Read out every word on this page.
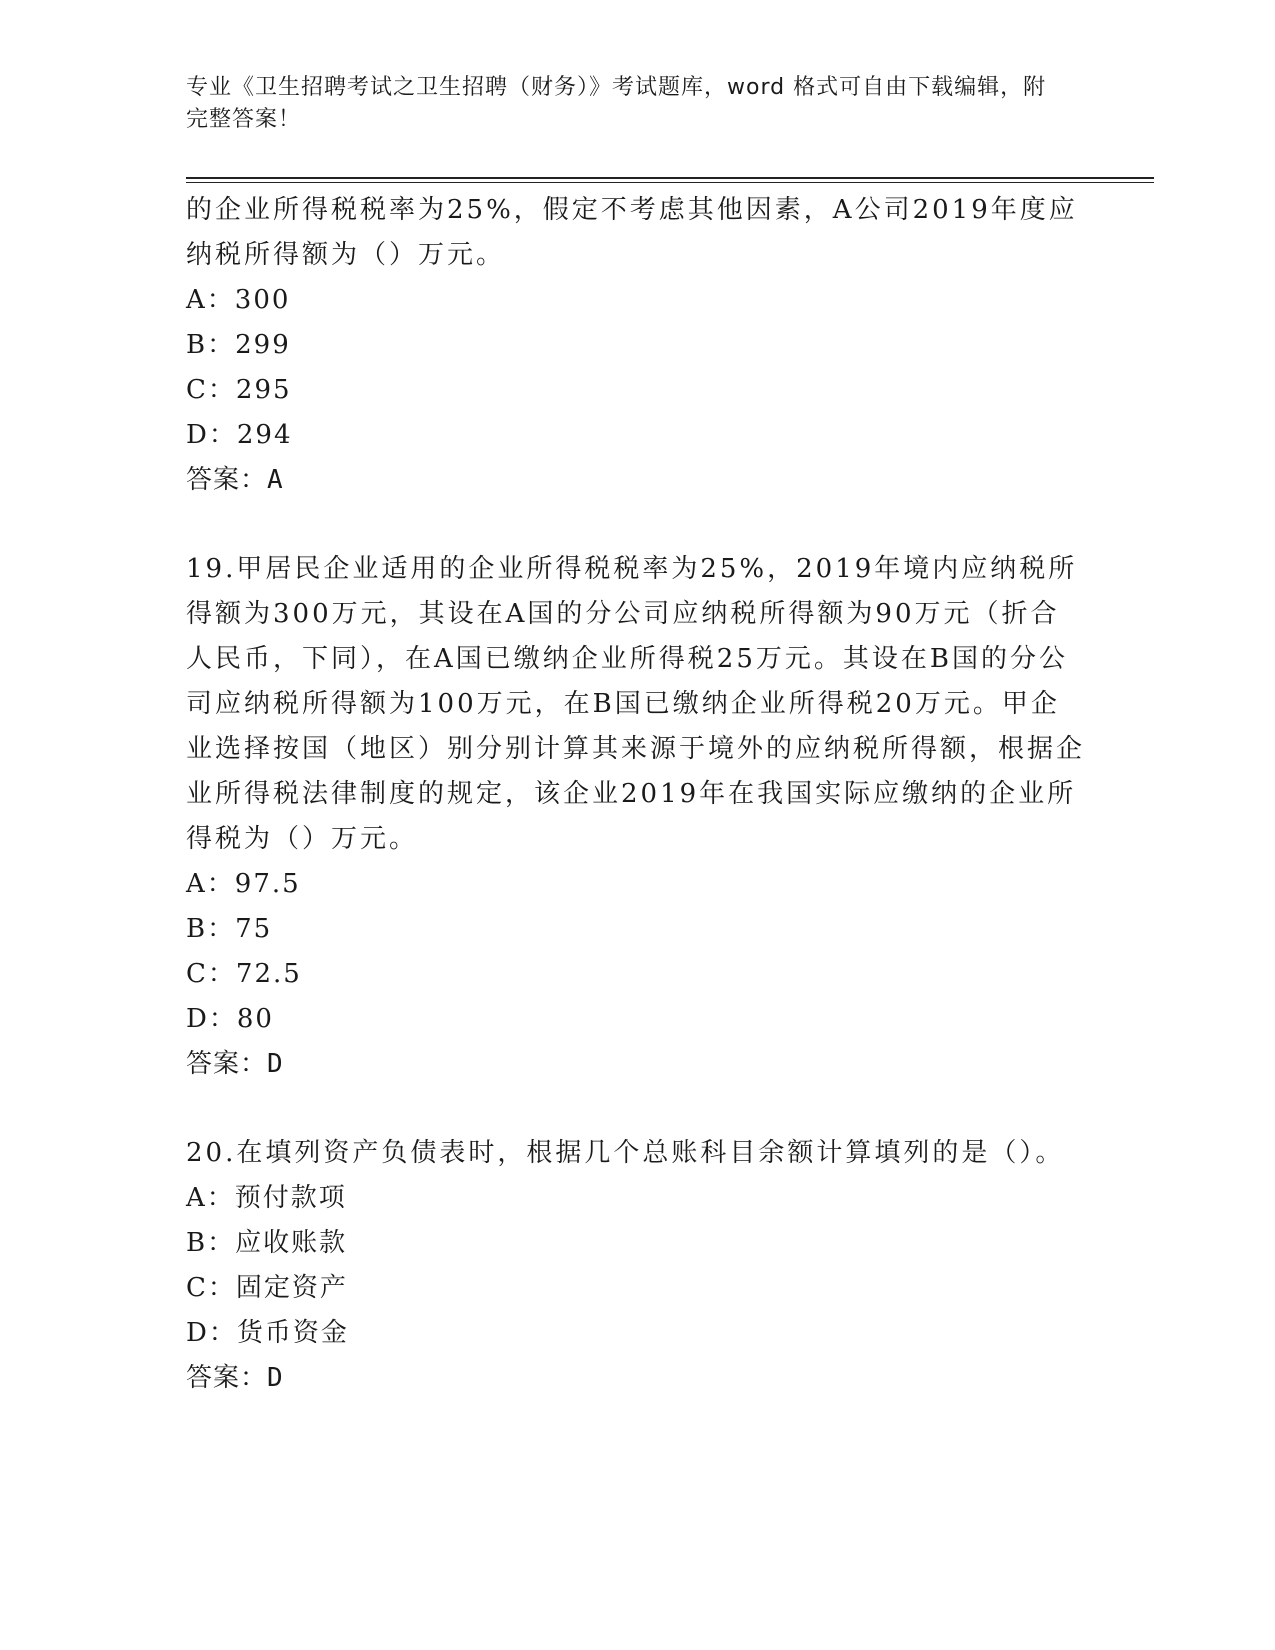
专业《卫生招聘考试之卫生招聘（财务）》考试题库，word 格式可自由下载编辑，附完整答案！

的企业所得税税率为25%，假定不考虑其他因素，A公司2019年度应纳税所得额为（）万元。

A：300

B：299

C：295

D：294

答案：A

19.甲居民企业适用的企业所得税税率为25%，2019年境内应纳税所得额为300万元，其设在A国的分公司应纳税所得额为90万元（折合人民币，下同），在A国已缴纳企业所得税25万元。其设在B国的分公司应纳税所得额为100万元，在B国已缴纳企业所得税20万元。甲企业选择按国（地区）别分别计算其来源于境外的应纳税所得额，根据企业所得税法律制度的规定，该企业2019年在我国实际应缴纳的企业所得税为（）万元。

A：97.5

B：75

C：72.5

D：80

答案：D

20.在填列资产负债表时，根据几个总账科目余额计算填列的是（）。

A：预付款项

B：应收账款

C：固定资产

D：货币资金

答案：D
